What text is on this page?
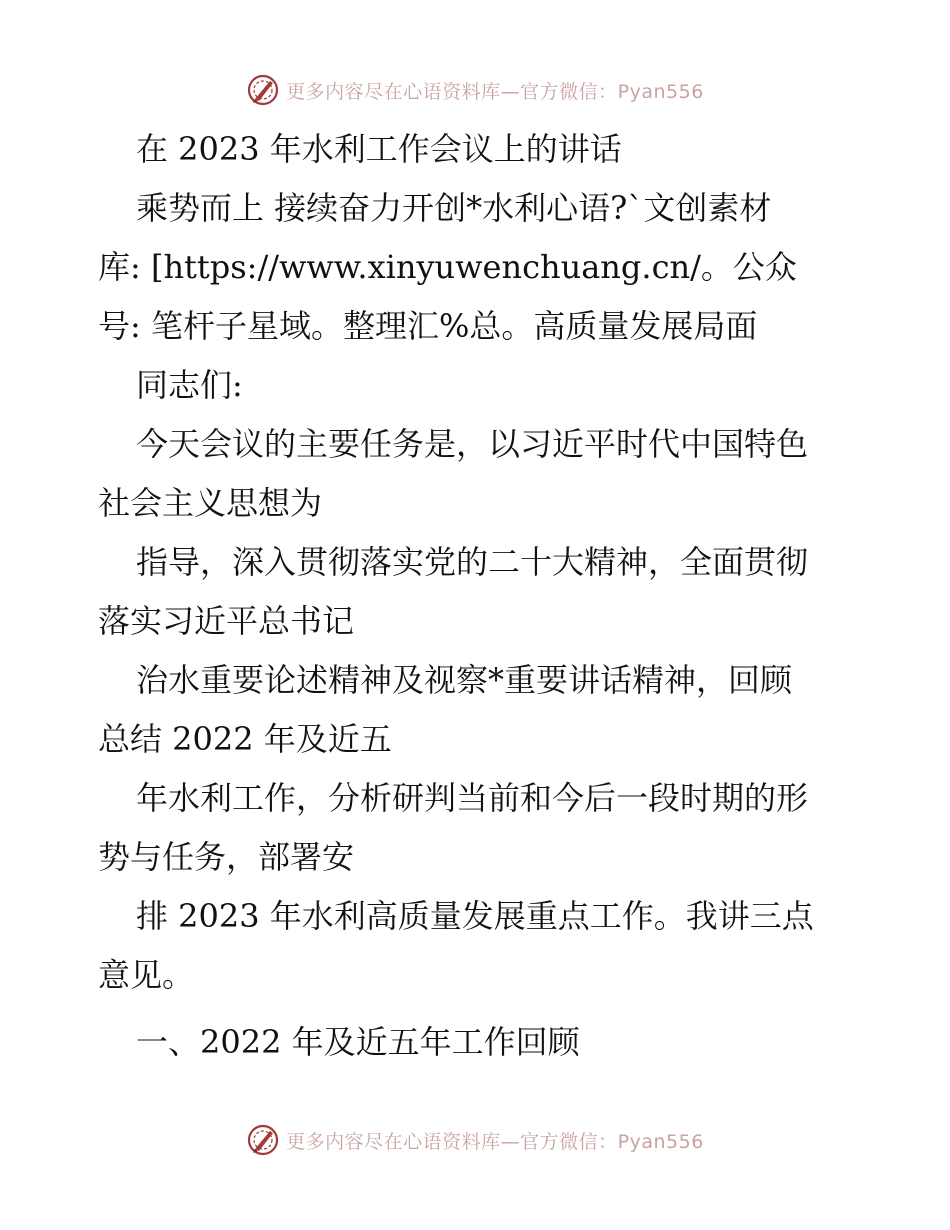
更多内容尽在心语资料库—官方微信：Pyan556
在 2023 年水利工作会议上的讲话
乘势而上 接续奋力开创*水利心语?`文创素材
库: [https://www.xinyuwenchuang.cn/。公众
号: 笔杆子星域。整理汇%总。高质量发展局面
同志们:
今天会议的主要任务是，以习近平时代中国特色
社会主义思想为
指导，深入贯彻落实党的二十大精神，全面贯彻
落实习近平总书记
治水重要论述精神及视察*重要讲话精神，回顾
总结 2022 年及近五
年水利工作，分析研判当前和今后一段时期的形
势与任务，部署安
排 2023 年水利高质量发展重点工作。我讲三点
意见。
一、2022 年及近五年工作回顾
更多内容尽在心语资料库—官方微信：Pyan556
